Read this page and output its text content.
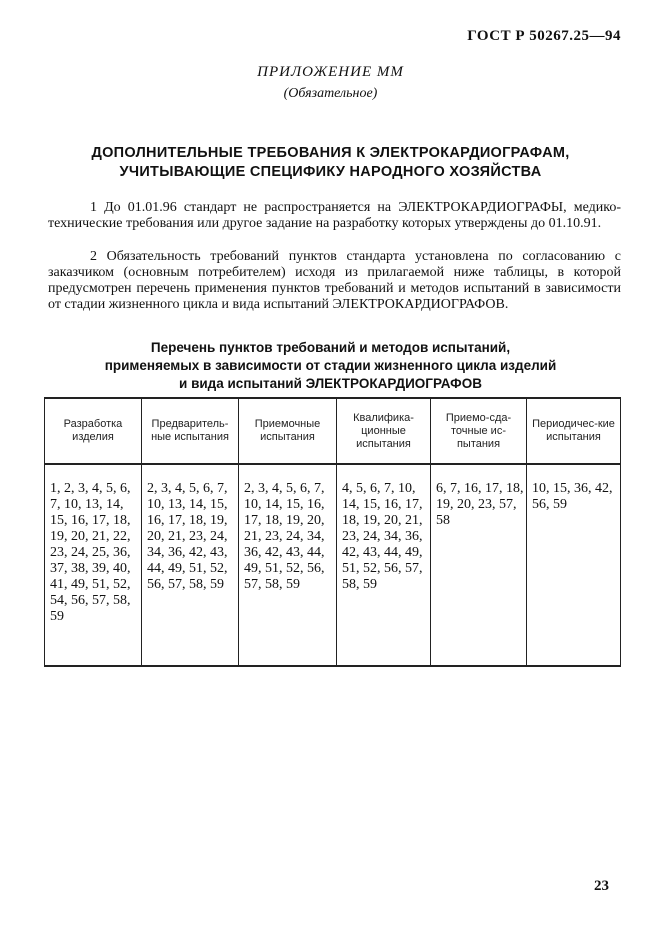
ГОСТ Р 50267.25—94
ПРИЛОЖЕНИЕ ММ
(Обязательное)
ДОПОЛНИТЕЛЬНЫЕ ТРЕБОВАНИЯ К ЭЛЕКТРОКАРДИОГРАФАМ,
УЧИТЫВАЮЩИЕ СПЕЦИФИКУ НАРОДНОГО ХОЗЯЙСТВА
1 До 01.01.96 стандарт не распространяется на ЭЛЕКТРОКАРДИОГРАФЫ, медико-технические требования или другое задание на разработку которых утверждены до 01.10.91.
2 Обязательность требований пунктов стандарта установлена по согласованию с заказчиком (основным потребителем) исходя из прилагаемой ниже таблицы, в которой предусмотрен перечень применения пунктов требований и методов испытаний в зависимости от стадии жизненного цикла и вида испытаний ЭЛЕКТРОКАРДИОГРАФОВ.
Перечень пунктов требований и методов испытаний,
применяемых в зависимости от стадии жизненного цикла изделий
и вида испытаний ЭЛЕКТРОКАРДИОГРАФОВ
Разработка изделия	Предваритель-ные испытания	Приемочные испытания	Квалифика-ционные испытания	Приемо-сда-точные ис-пытания	Периодичес-кие испытания
1, 2, 3, 4, 5, 6, 7, 10, 13, 14, 15, 16, 17, 18, 19, 20, 21, 22, 23, 24, 25, 36, 37, 38, 39, 40, 41, 49, 51, 52, 54, 56, 57, 58, 59	2, 3, 4, 5, 6, 7, 10, 13, 14, 15, 16, 17, 18, 19, 20, 21, 23, 24, 34, 36, 42, 43, 44, 49, 51, 52, 56, 57, 58, 59	2, 3, 4, 5, 6, 7, 10, 14, 15, 16, 17, 18, 19, 20, 21, 23, 24, 34, 36, 42, 43, 44, 49, 51, 52, 56, 57, 58, 59	4, 5, 6, 7, 10, 14, 15, 16, 17, 18, 19, 20, 21, 23, 24, 34, 36, 42, 43, 44, 49, 51, 52, 56, 57, 58, 59	6, 7, 16, 17, 18, 19, 20, 23, 57, 58	10, 15, 36, 42, 56, 59
23
